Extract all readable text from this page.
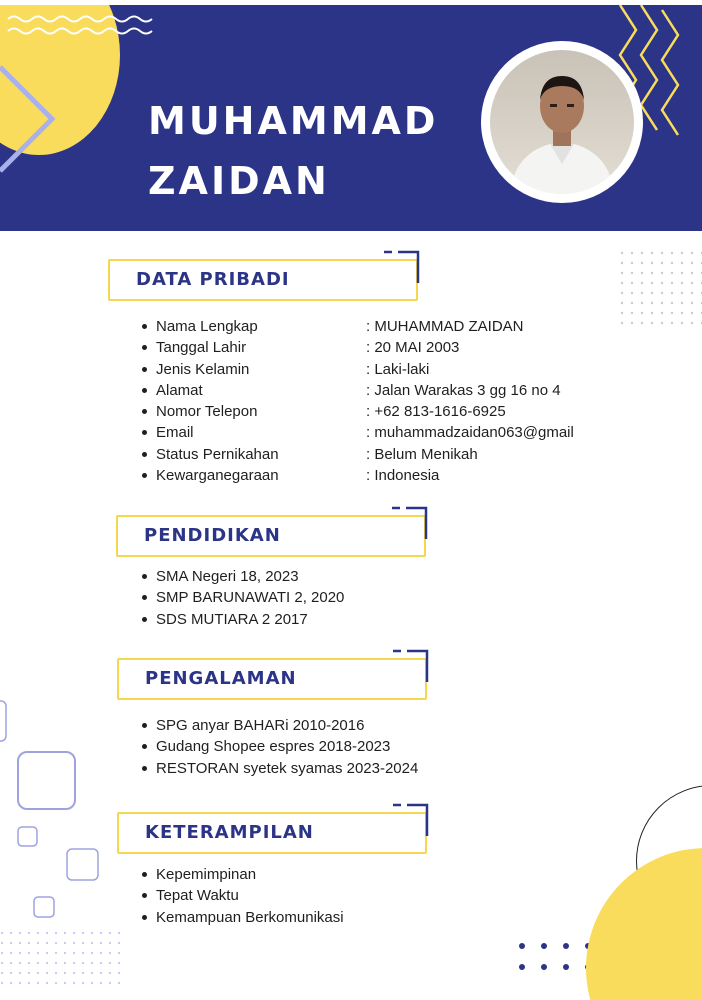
MUHAMMAD
ZAIDAN
DATA PRIBADI
Nama Lengkap	: MUHAMMAD ZAIDAN
Tanggal Lahir	: 20 MAI 2003
Jenis Kelamin	: Laki-laki
Alamat	: Jalan Warakas 3 gg 16 no 4
Nomor Telepon	: +62 813-1616-6925
Email	: muhammadzaidan063@gmail
Status Pernikahan	: Belum Menikah
Kewarganegaraan	: Indonesia
PENDIDIKAN
SMA Negeri 18, 2023
SMP BARUNAWATI 2, 2020
SDS MUTIARA 2 2017
PENGALAMAN
SPG anyar BAHARi 2010-2016
Gudang Shopee espres 2018-2023
RESTORAN syetek syamas 2023-2024
KETERAMPILAN
Kepemimpinan
Tepat Waktu
Kemampuan Berkomunikasi
